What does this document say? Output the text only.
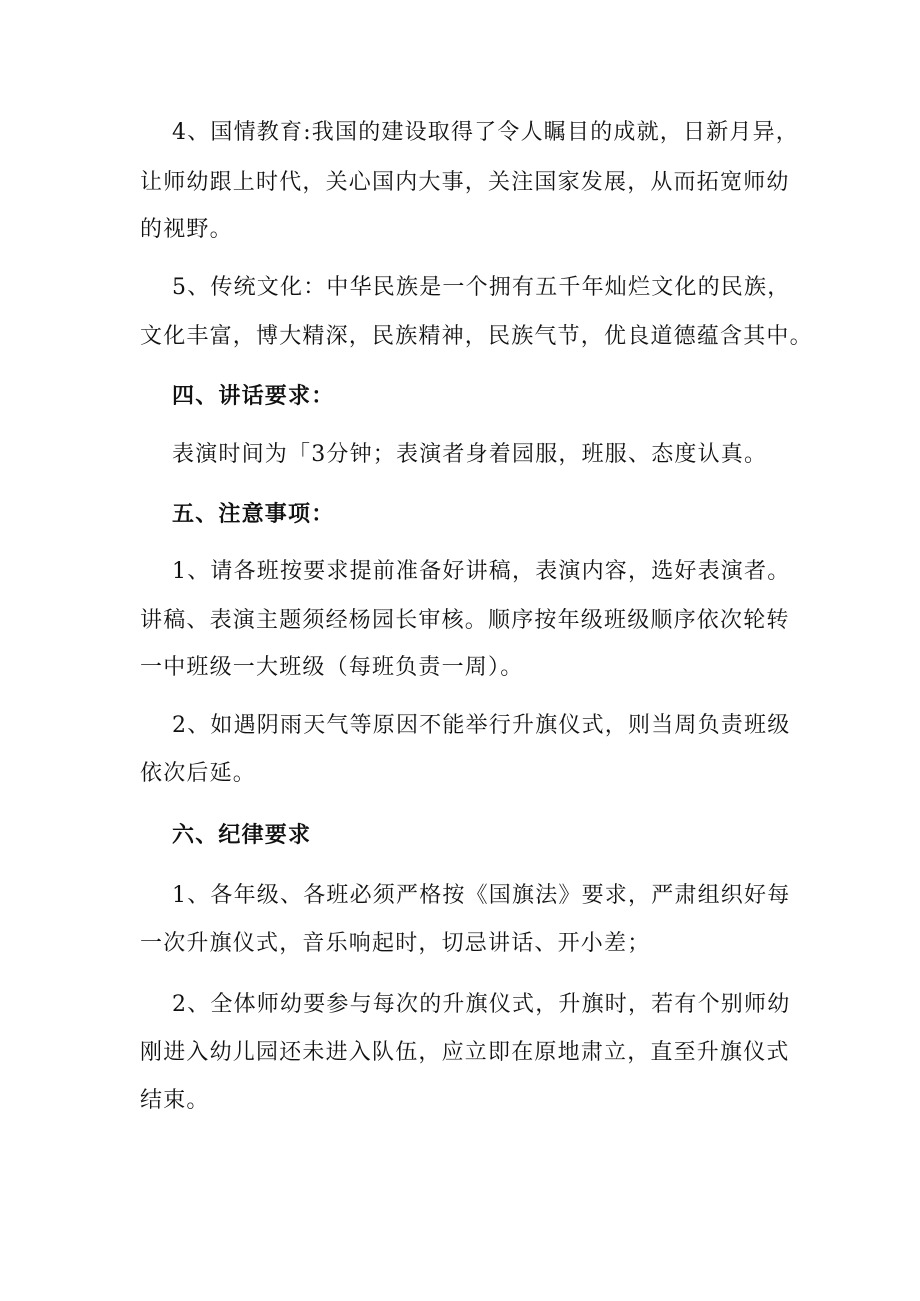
4、国情教育:我国的建设取得了令人瞩目的成就，日新月异，

让师幼跟上时代，关心国内大事，关注国家发展，从而拓宽师幼

的视野。

5、传统文化：中华民族是一个拥有五千年灿烂文化的民族，

文化丰富，博大精深，民族精神，民族气节，优良道德蕴含其中。

四、讲话要求：

表演时间为「3分钟；表演者身着园服，班服、态度认真。

五、注意事项：

1、请各班按要求提前准备好讲稿，表演内容，选好表演者。

讲稿、表演主题须经杨园长审核。顺序按年级班级顺序依次轮转

一中班级一大班级（每班负责一周）。

2、如遇阴雨天气等原因不能举行升旗仪式，则当周负责班级

依次后延。

六、纪律要求

1、各年级、各班必须严格按《国旗法》要求，严肃组织好每

一次升旗仪式，音乐响起时，切忌讲话、开小差；

2、全体师幼要参与每次的升旗仪式，升旗时，若有个别师幼

刚进入幼儿园还未进入队伍，应立即在原地肃立，直至升旗仪式

结束。
